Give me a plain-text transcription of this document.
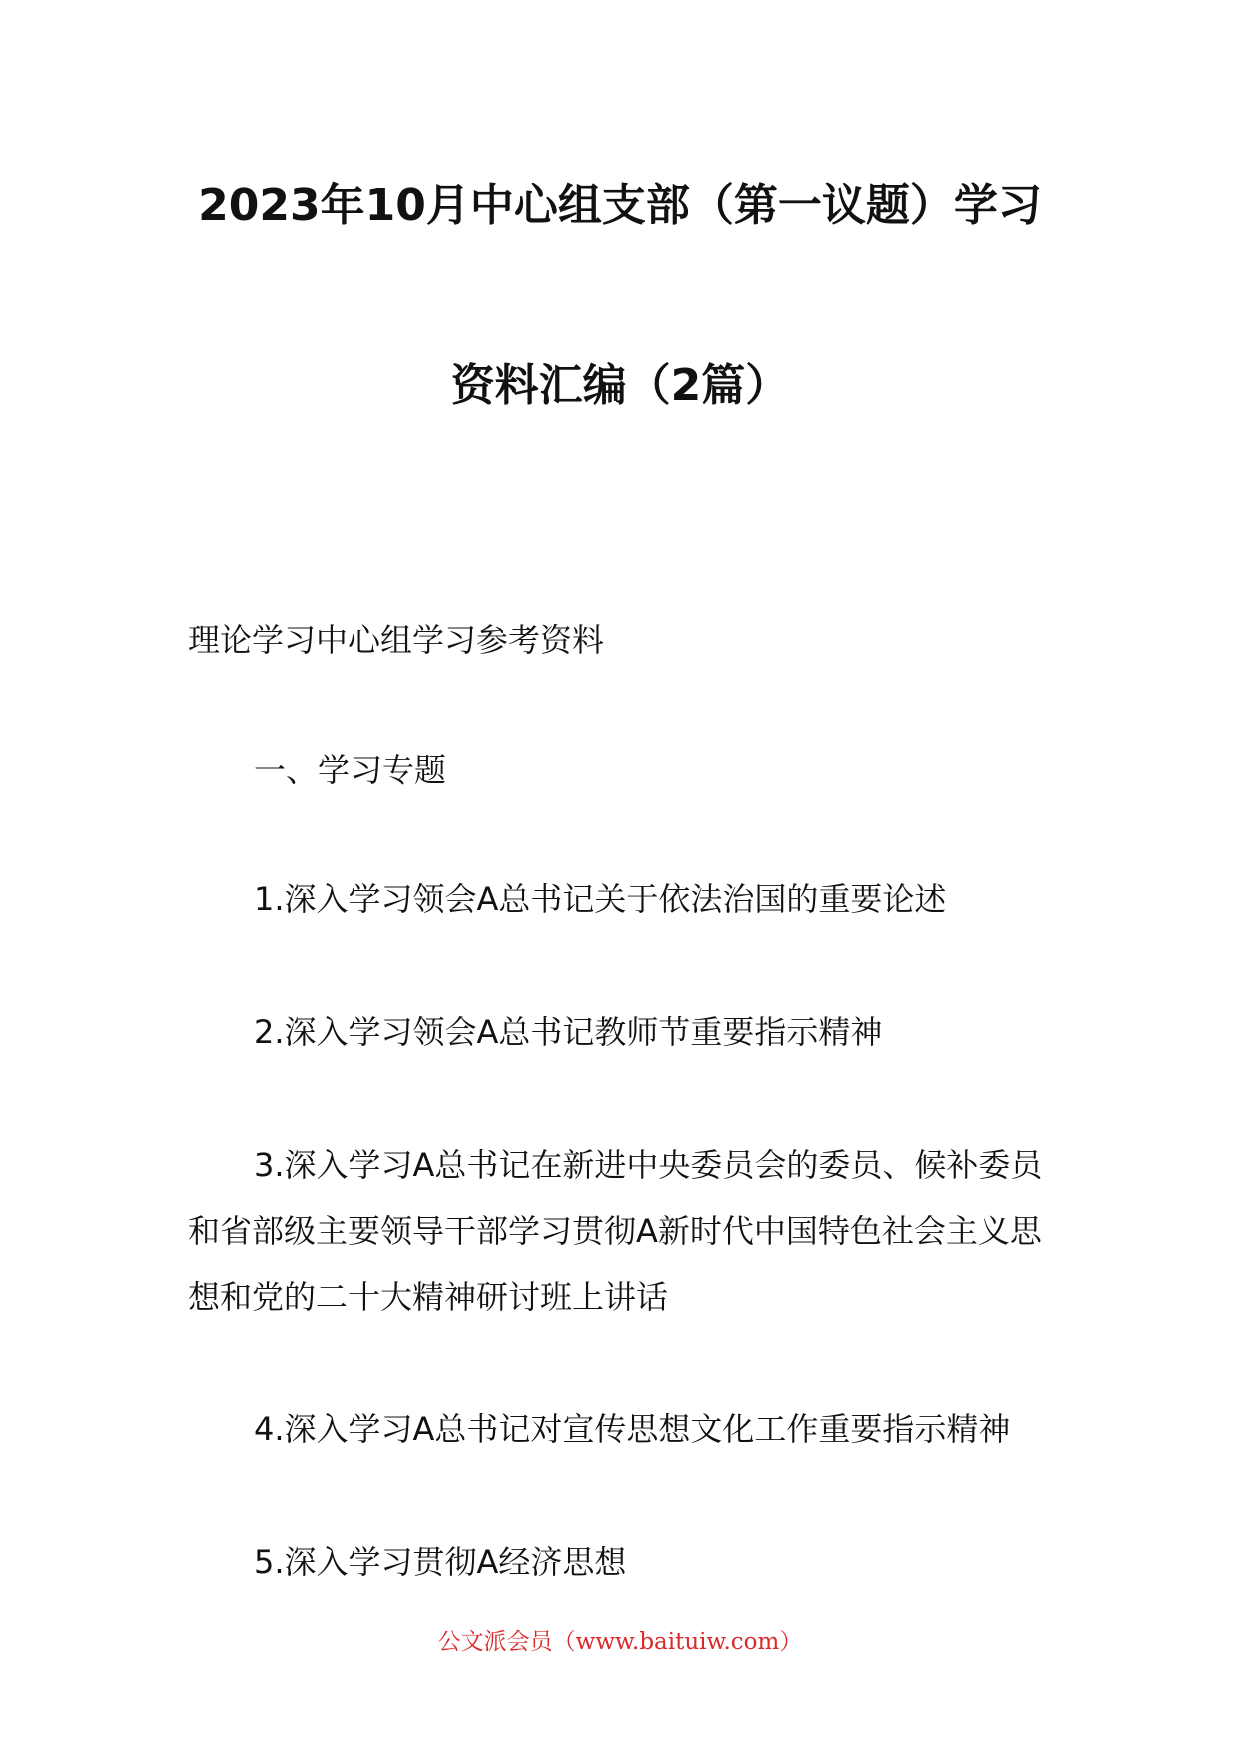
2023年10月中心组支部（第一议题）学习
资料汇编（2篇）

理论学习中心组学习参考资料

一、学习专题

1.深入学习领会A总书记关于依法治国的重要论述

2.深入学习领会A总书记教师节重要指示精神

3.深入学习A总书记在新进中央委员会的委员、候补委员和省部级主要领导干部学习贯彻A新时代中国特色社会主义思想和党的二十大精神研讨班上讲话

4.深入学习A总书记对宣传思想文化工作重要指示精神

5.深入学习贯彻A经济思想

公文派会员（www.baituiw.com）
